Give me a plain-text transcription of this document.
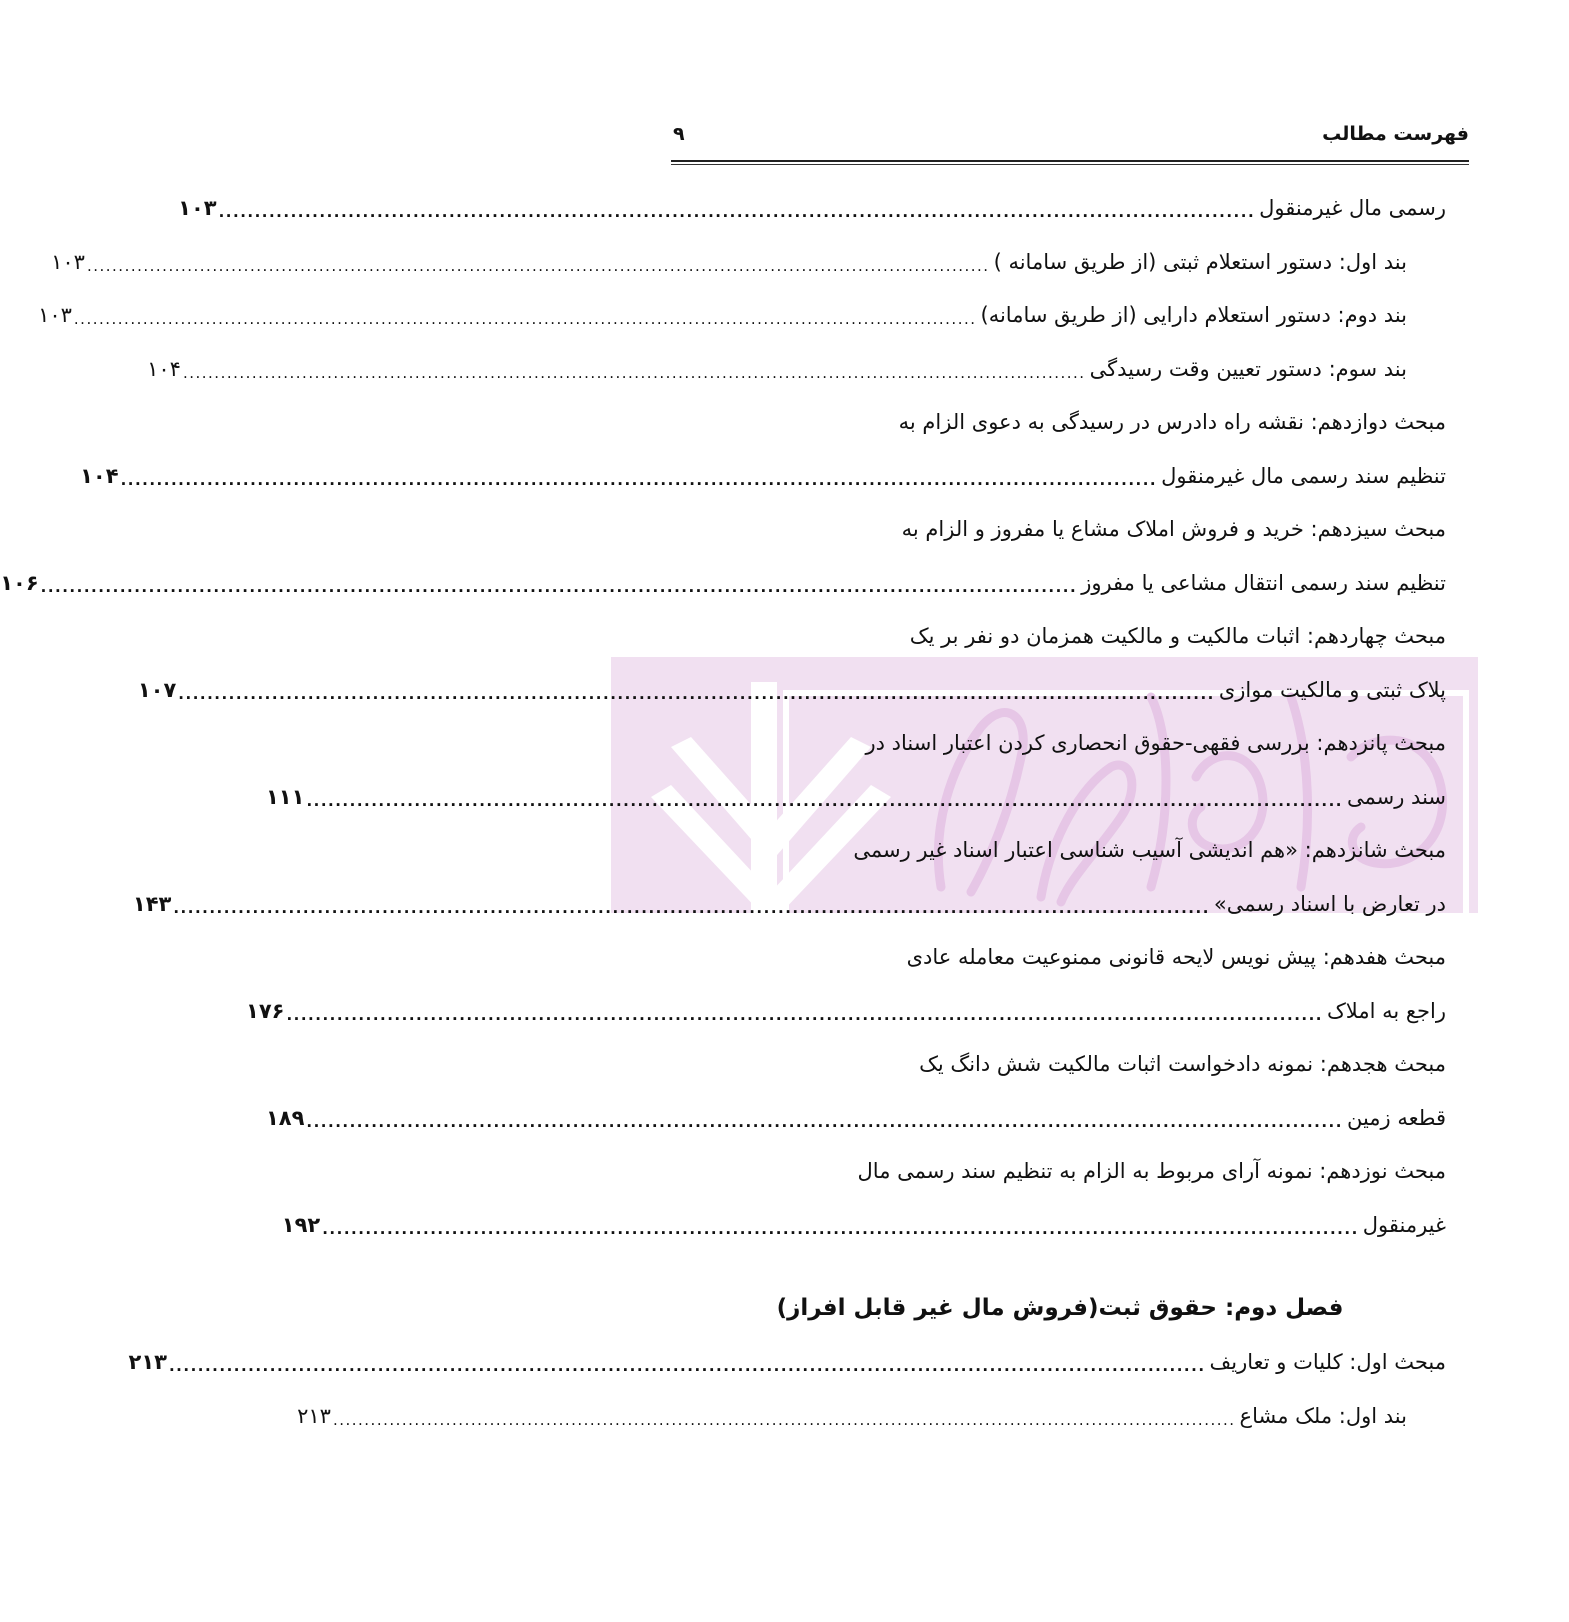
فهرست مطالب
۹
رسمی مال غیرمنقول
................................................................................................................................................
۱۰۳
بند اول: دستور استعلام ثبتی (از طریق سامانه )
................................................................................................................................................
۱۰۳
بند دوم: دستور استعلام دارایی (از طریق سامانه)
................................................................................................................................................
۱۰۳
بند سوم: دستور تعیین وقت رسیدگی
................................................................................................................................................
۱۰۴
مبحث دوازدهم: نقشه راه دادرس در رسیدگی به دعوی الزام به
تنظیم سند رسمی مال غیرمنقول
................................................................................................................................................
۱۰۴
مبحث سیزدهم: خرید و فروش املاک مشاع یا مفروز و الزام به
تنظیم سند رسمی انتقال مشاعی یا مفروز
................................................................................................................................................
۱۰۶
مبحث چهاردهم: اثبات مالکیت و مالکیت همزمان دو نفر بر یک
پلاک ثبتی و مالکیت موازی
................................................................................................................................................
۱۰۷
مبحث پانزدهم: بررسی فقهی-حقوق انحصاری کردن اعتبار اسناد در
سند رسمی
................................................................................................................................................
۱۱۱
مبحث شانزدهم: «هم اندیشی آسیب شناسی اعتبار اسناد غیر رسمی
در تعارض با اسناد رسمی»
................................................................................................................................................
۱۴۳
مبحث هفدهم: پیش نویس لایحه قانونی ممنوعیت معامله عادی
راجع به املاک
................................................................................................................................................
۱۷۶
مبحث هجدهم: نمونه دادخواست اثبات مالکیت شش دانگ یک
قطعه زمین
................................................................................................................................................
۱۸۹
مبحث نوزدهم: نمونه آرای مربوط به الزام به تنظیم سند رسمی مال
غیرمنقول
................................................................................................................................................
۱۹۲
فصل دوم: حقوق ثبت(فروش مال غیر قابل افراز)
مبحث اول: کلیات و تعاریف
................................................................................................................................................
۲۱۳
بند اول: ملک مشاع
................................................................................................................................................
۲۱۳
